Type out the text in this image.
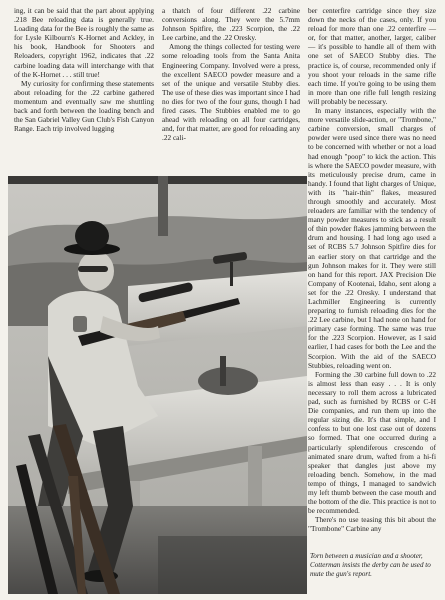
ing, it can be said that the part about applying .218 Bee reloading data is generally true. Loading data for the Bee is roughly the same as for Lysle Kilbourn's K-Hornet and Ackley, in his book, Handbook for Shooters and Reloaders, copyright 1962, indicates that .22 carbine loading data will interchange with that of the K-Hornet . . . still true!

My curiosity for confirming these statements about reloading for the .22 carbine gathered momentum and eventually saw me shuttling back and forth between the loading bench and the San Gabriel Valley Gun Club's Fish Canyon Range. Each trip involved lugging

a thatch of four different .22 carbine conversions along. They were the 5.7mm Johnson Spitfire, the .223 Scorpion, the .22 Lee carbine, and the .22 Oresky.

Among the things collected for testing were some reloading tools from the Santa Anita Engineering Company. Involved were a press, the excellent SAECO powder measure and a set of the unique and versatile Stubby dies. The use of these dies was important since I had no dies for two of the four guns, though I had fired cases. The Stubbies enabled me to go ahead with reloading on all four cartridges, and, for that matter, are good for reloading any .22 cali-

ber centerfire cartridge since they size down the necks of the cases, only. If you reload for more than one .22 centerfire — or, for that matter, another, larger, caliber — it's possible to handle all of them with one set of SAECO Stubby dies. The practice is, of course, recommended only if you shoot your reloads in the same rifle each time. If you're going to be using them in more than one rifle full length resizing will probably be necessary.

In many instances, especially with the more versatile slide-action, or "Trombone," carbine conversion, small charges of powder were used since there was no need to be concerned with whether or not a load had enough "poop" to kick the action. This is where the SAECO powder measure, with its meticulously precise drum, came in handy. I found that light charges of Unique, with its "hair-thin" flakes, measured through smoothly and accurately. Most reloaders are familiar with the tendency of many powder measures to stick as a result of thin powder flakes jamming between the drum and housing. I had long ago used a set of RCBS 5.7 Johnson Spitfire dies for an earlier story on that cartridge and the gun Johnson makes for it. They were still on hand for this report. JAX Precision Die Company of Kootenai, Idaho, sent along a set for the .22 Oresky. I understand that Lachmiller Engineering is currently preparing to furnish reloading dies for the .22 Lee carbine, but I had none on hand for primary case forming. The same was true for the .223 Scorpion. However, as I said earlier, I had cases for both the Lee and the Scorpion. With the aid of the SAECO Stubbies, reloading went on.

Forming the .30 carbine full down to .22 is almost less than easy . . . It is only necessary to roll them across a lubricated pad, such as furnished by RCBS or C-H Die companies, and run them up into the regular sizing die. It's that simple, and I confess to but one lost case out of dozens so formed. That one occurred during a particularly splendiferous crescendo of animated snare drum, wafted from a hi-fi speaker that dangles just above my reloading bench. Somehow, in the mad tempo of things, I managed to sandwich my left thumb between the case mouth and the bottom of the die. This practice is not to be recommended.

There's no use teasing this bit about the "Trombone" Carbine any

Torn between a musician and a shooter, Cotterman insists the derby can be used to mute the gun's report.
